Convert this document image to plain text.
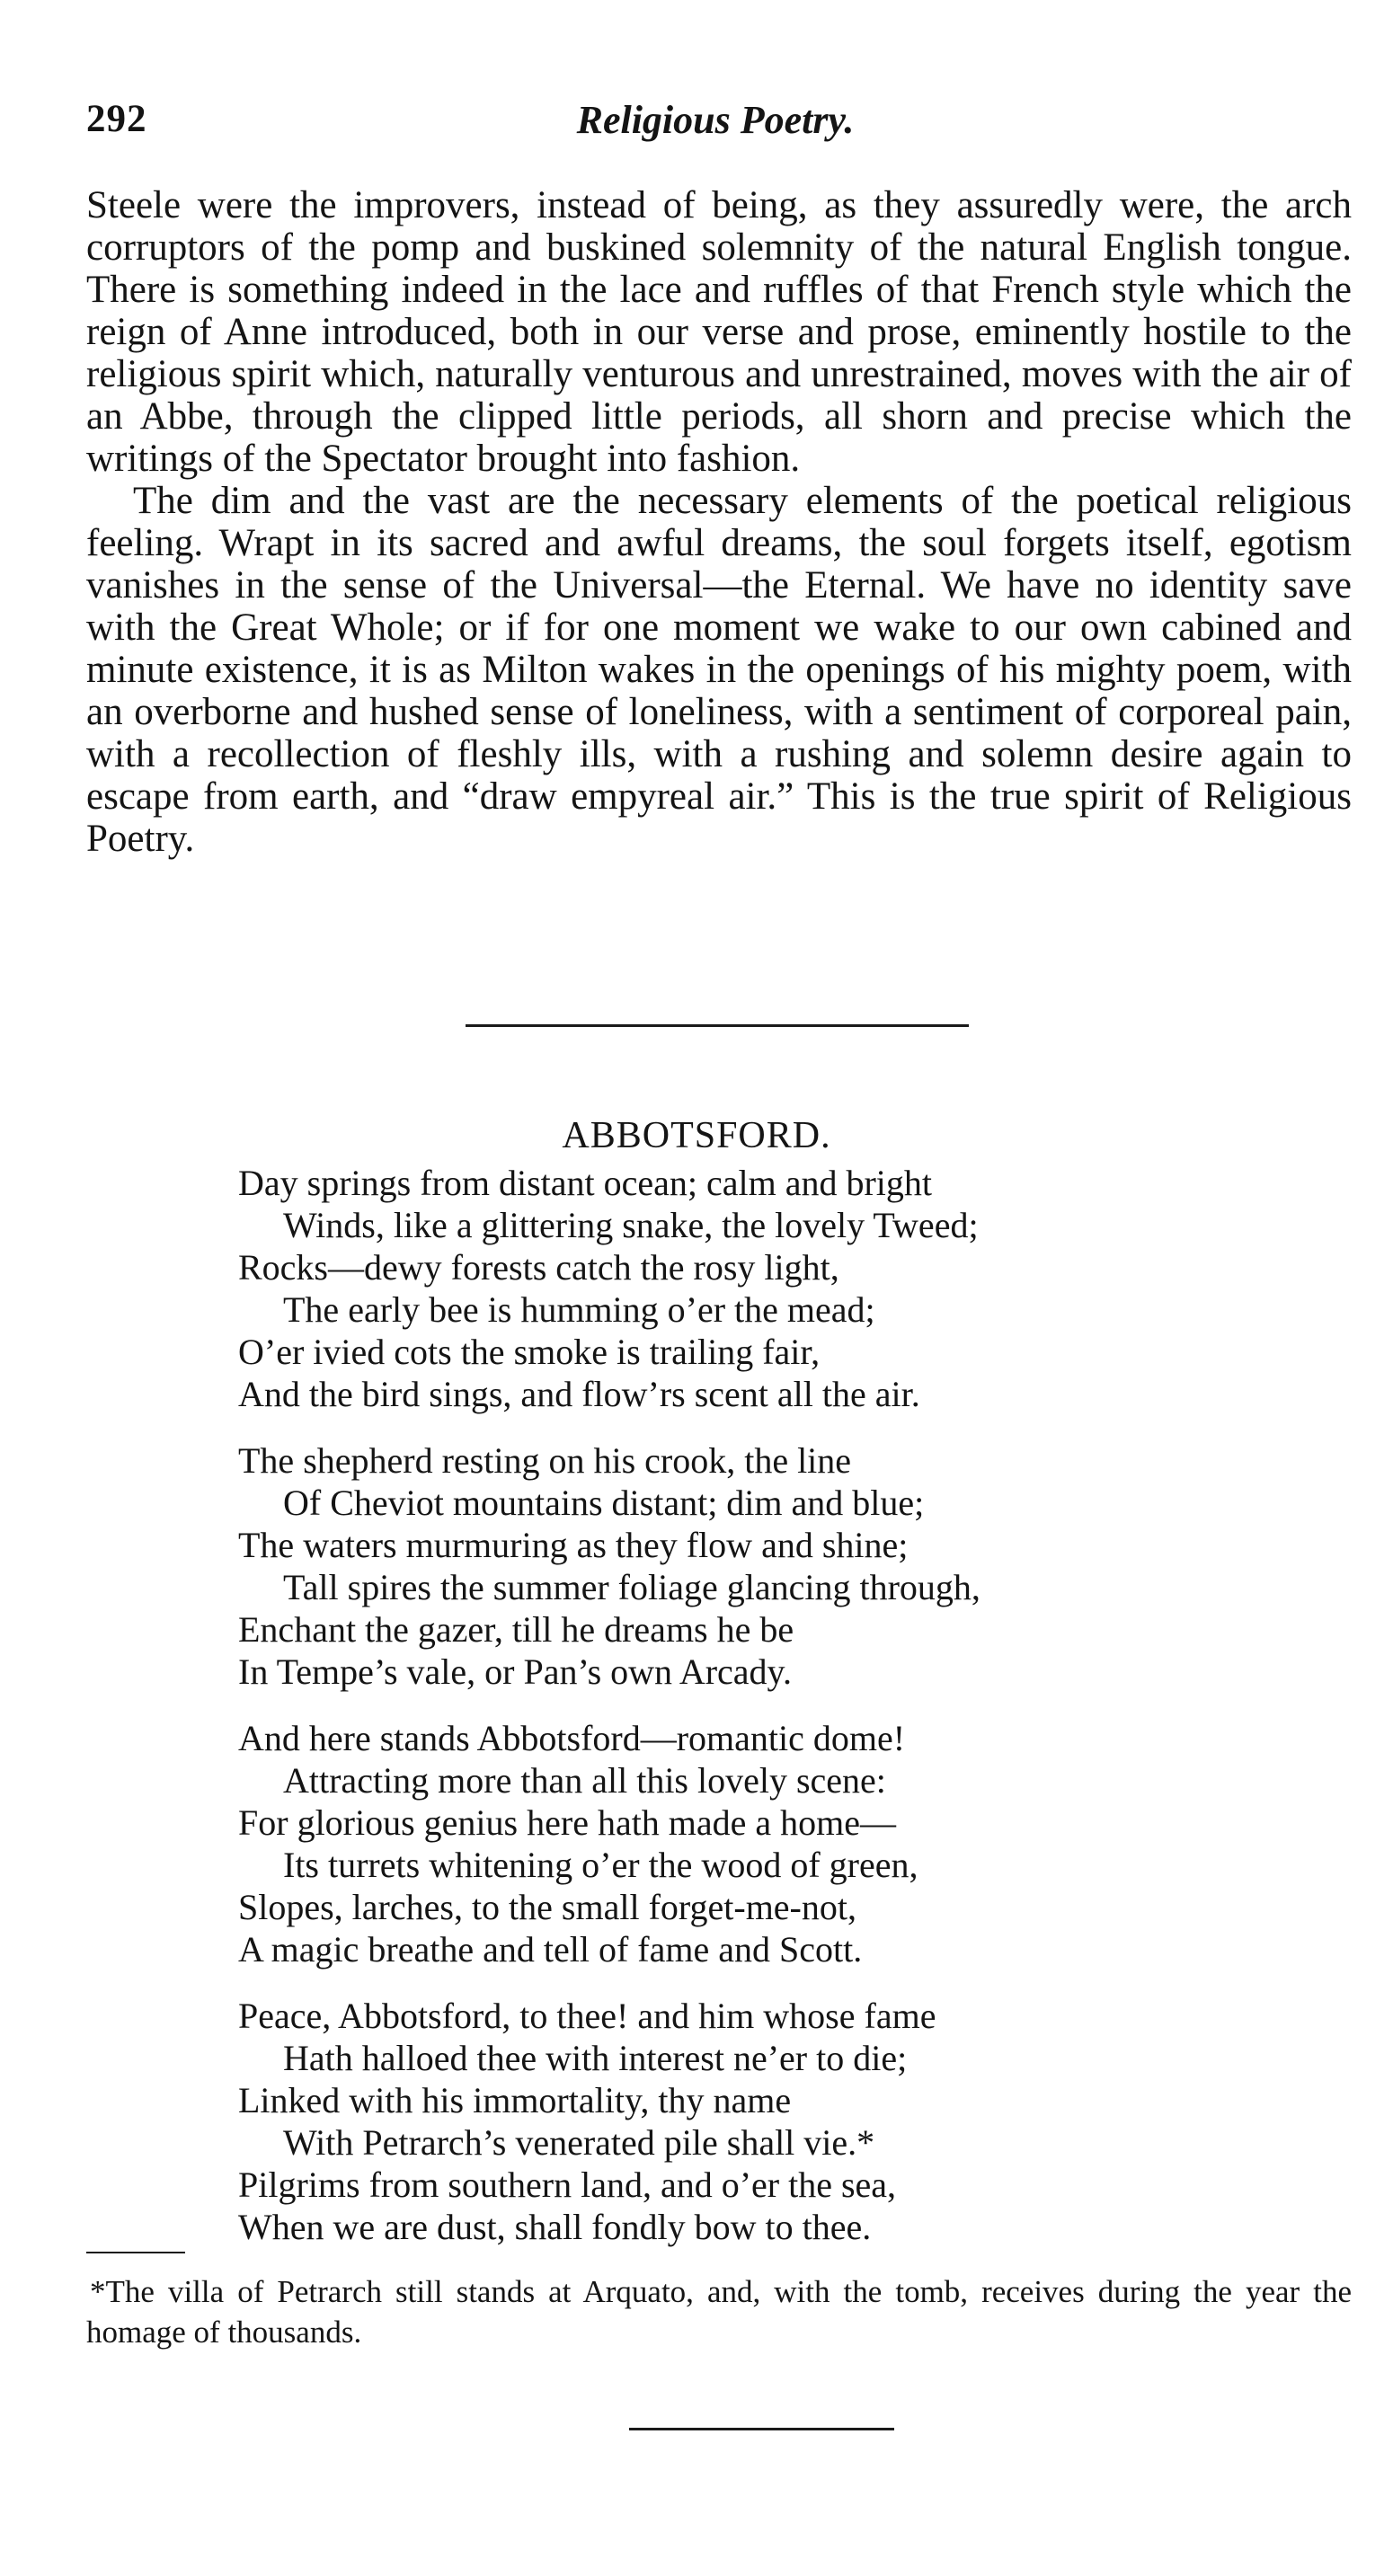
292	Religious Poetry.

Steele were the improvers, instead of being, as they assuredly were, the arch corruptors of the pomp and buskined solemnity of the natural English tongue. There is something indeed in the lace and ruffles of that French style which the reign of Anne introduced, both in our verse and prose, eminently hostile to the religious spirit which, naturally venturous and unrestrained, moves with the air of an Abbe, through the clipped little periods, all shorn and precise which the writings of the Spectator brought into fashion.

The dim and the vast are the necessary elements of the poetical religious feeling. Wrapt in its sacred and awful dreams, the soul forgets itself, egotism vanishes in the sense of the Universal—the Eternal. We have no identity save with the Great Whole; or if for one moment we wake to our own cabined and minute existence, it is as Milton wakes in the openings of his mighty poem, with an overborne and hushed sense of loneliness, with a sentiment of corporeal pain, with a recollection of fleshly ills, with a rushing and solemn desire again to escape from earth, and “draw empyreal air.” This is the true spirit of Religious Poetry.

ABBOTSFORD.
Day springs from distant ocean; calm and bright
Winds, like a glittering snake, the lovely Tweed;
Rocks—dewy forests catch the rosy light,
The early bee is humming o’er the mead;
O’er ivied cots the smoke is trailing fair,
And the bird sings, and flow’rs scent all the air.
The shepherd resting on his crook, the line
Of Cheviot mountains distant; dim and blue;
The waters murmuring as they flow and shine;
Tall spires the summer foliage glancing through,
Enchant the gazer, till he dreams he be
In Tempe’s vale, or Pan’s own Arcady.
And here stands Abbotsford—romantic dome!
Attracting more than all this lovely scene:
For glorious genius here hath made a home—
Its turrets whitening o’er the wood of green,
Slopes, larches, to the small forget-me-not,
A magic breathe and tell of fame and Scott.
Peace, Abbotsford, to thee! and him whose fame
Hath halloed thee with interest ne’er to die;
Linked with his immortality, thy name
With Petrarch’s venerated pile shall vie.*
Pilgrims from southern land, and o’er the sea,
When we are dust, shall fondly bow to thee.

*The villa of Petrarch still stands at Arquato, and, with the tomb, receives during the year the homage of thousands.
